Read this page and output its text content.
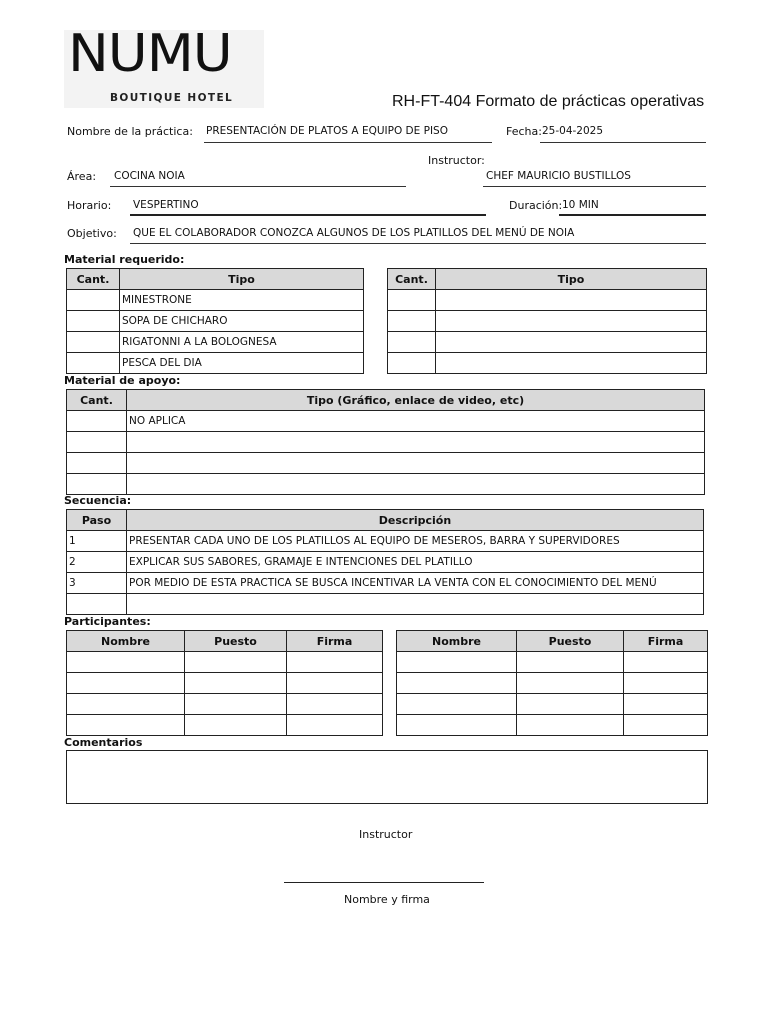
NUMU
BOUTIQUE HOTEL	RH-FT-404 Formato de prácticas operativas
Nombre de la práctica: PRESENTACIÓN DE PLATOS A EQUIPO DE PISO	Fecha: 25-04-2025
Instructor:
CHEF MAURICIO BUSTILLOS
Área: COCINA NOIA
Horario: VESPERTINO	Duración: 10 MIN
Objetivo: QUE EL COLABORADOR CONOZCA ALGUNOS DE LOS PLATILLOS DEL MENÚ DE NOIA
Material requerido:
Cant.	Tipo
	MINESTRONE
	SOPA DE CHICHARO
	RIGATONNI A LA BOLOGNESA
	PESCA DEL DIA
Cant.	Tipo

Material de apoyo:
Cant.	Tipo (Gráfico, enlace de video, etc)
	NO APLICA

Secuencia:
Paso	Descripción
1	PRESENTAR CADA UNO DE LOS PLATILLOS AL EQUIPO DE MESEROS, BARRA Y SUPERVIDORES
2	EXPLICAR SUS SABORES, GRAMAJE E INTENCIONES DEL PLATILLO
3	POR MEDIO DE ESTA PRACTICA SE BUSCA INCENTIVAR LA VENTA CON EL CONOCIMIENTO DEL MENÚ

Participantes:
Nombre	Puesto	Firma

			Nombre	Puesto	Firma

Comentarios
Instructor
Nombre y firma
